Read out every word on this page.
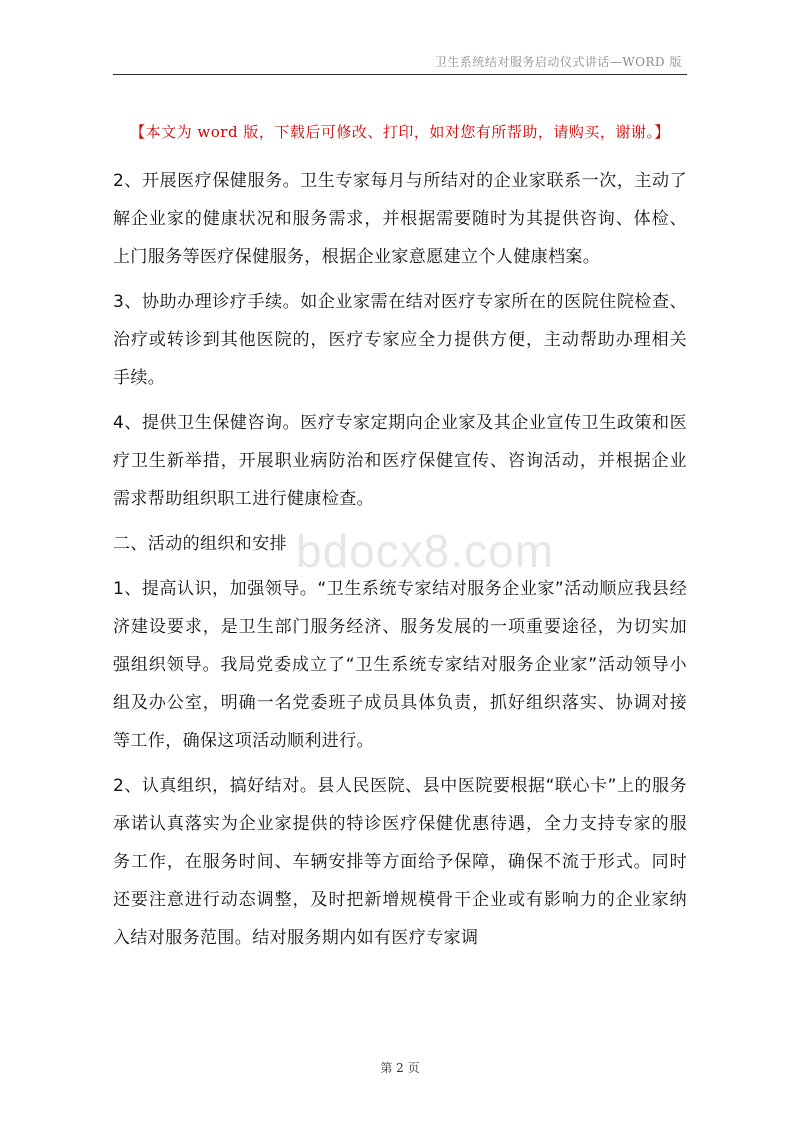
卫生系统结对服务启动仪式讲话—WORD 版
【本文为 word 版，下载后可修改、打印，如对您有所帮助，请购买，谢谢。】

2、开展医疗保健服务。卫生专家每月与所结对的企业家联系一次，主动了解企业家的健康状况和服务需求，并根据需要随时为其提供咨询、体检、上门服务等医疗保健服务，根据企业家意愿建立个人健康档案。

3、协助办理诊疗手续。如企业家需在结对医疗专家所在的医院住院检查、治疗或转诊到其他医院的，医疗专家应全力提供方便，主动帮助办理相关手续。

4、提供卫生保健咨询。医疗专家定期向企业家及其企业宣传卫生政策和医疗卫生新举措，开展职业病防治和医疗保健宣传、咨询活动，并根据企业需求帮助组织职工进行健康检查。

二、活动的组织和安排

1、提高认识，加强领导。“卫生系统专家结对服务企业家”活动顺应我县经济建设要求，是卫生部门服务经济、服务发展的一项重要途径，为切实加强组织领导。我局党委成立了“卫生系统专家结对服务企业家”活动领导小组及办公室，明确一名党委班子成员具体负责，抓好组织落实、协调对接等工作，确保这项活动顺利进行。

2、认真组织，搞好结对。县人民医院、县中医院要根据“联心卡”上的服务承诺认真落实为企业家提供的特诊医疗保健优惠待遇，全力支持专家的服务工作，在服务时间、车辆安排等方面给予保障，确保不流于形式。同时还要注意进行动态调整，及时把新增规模骨干企业或有影响力的企业家纳入结对服务范围。结对服务期内如有医疗专家调

bdocx8.com
第 2 页
